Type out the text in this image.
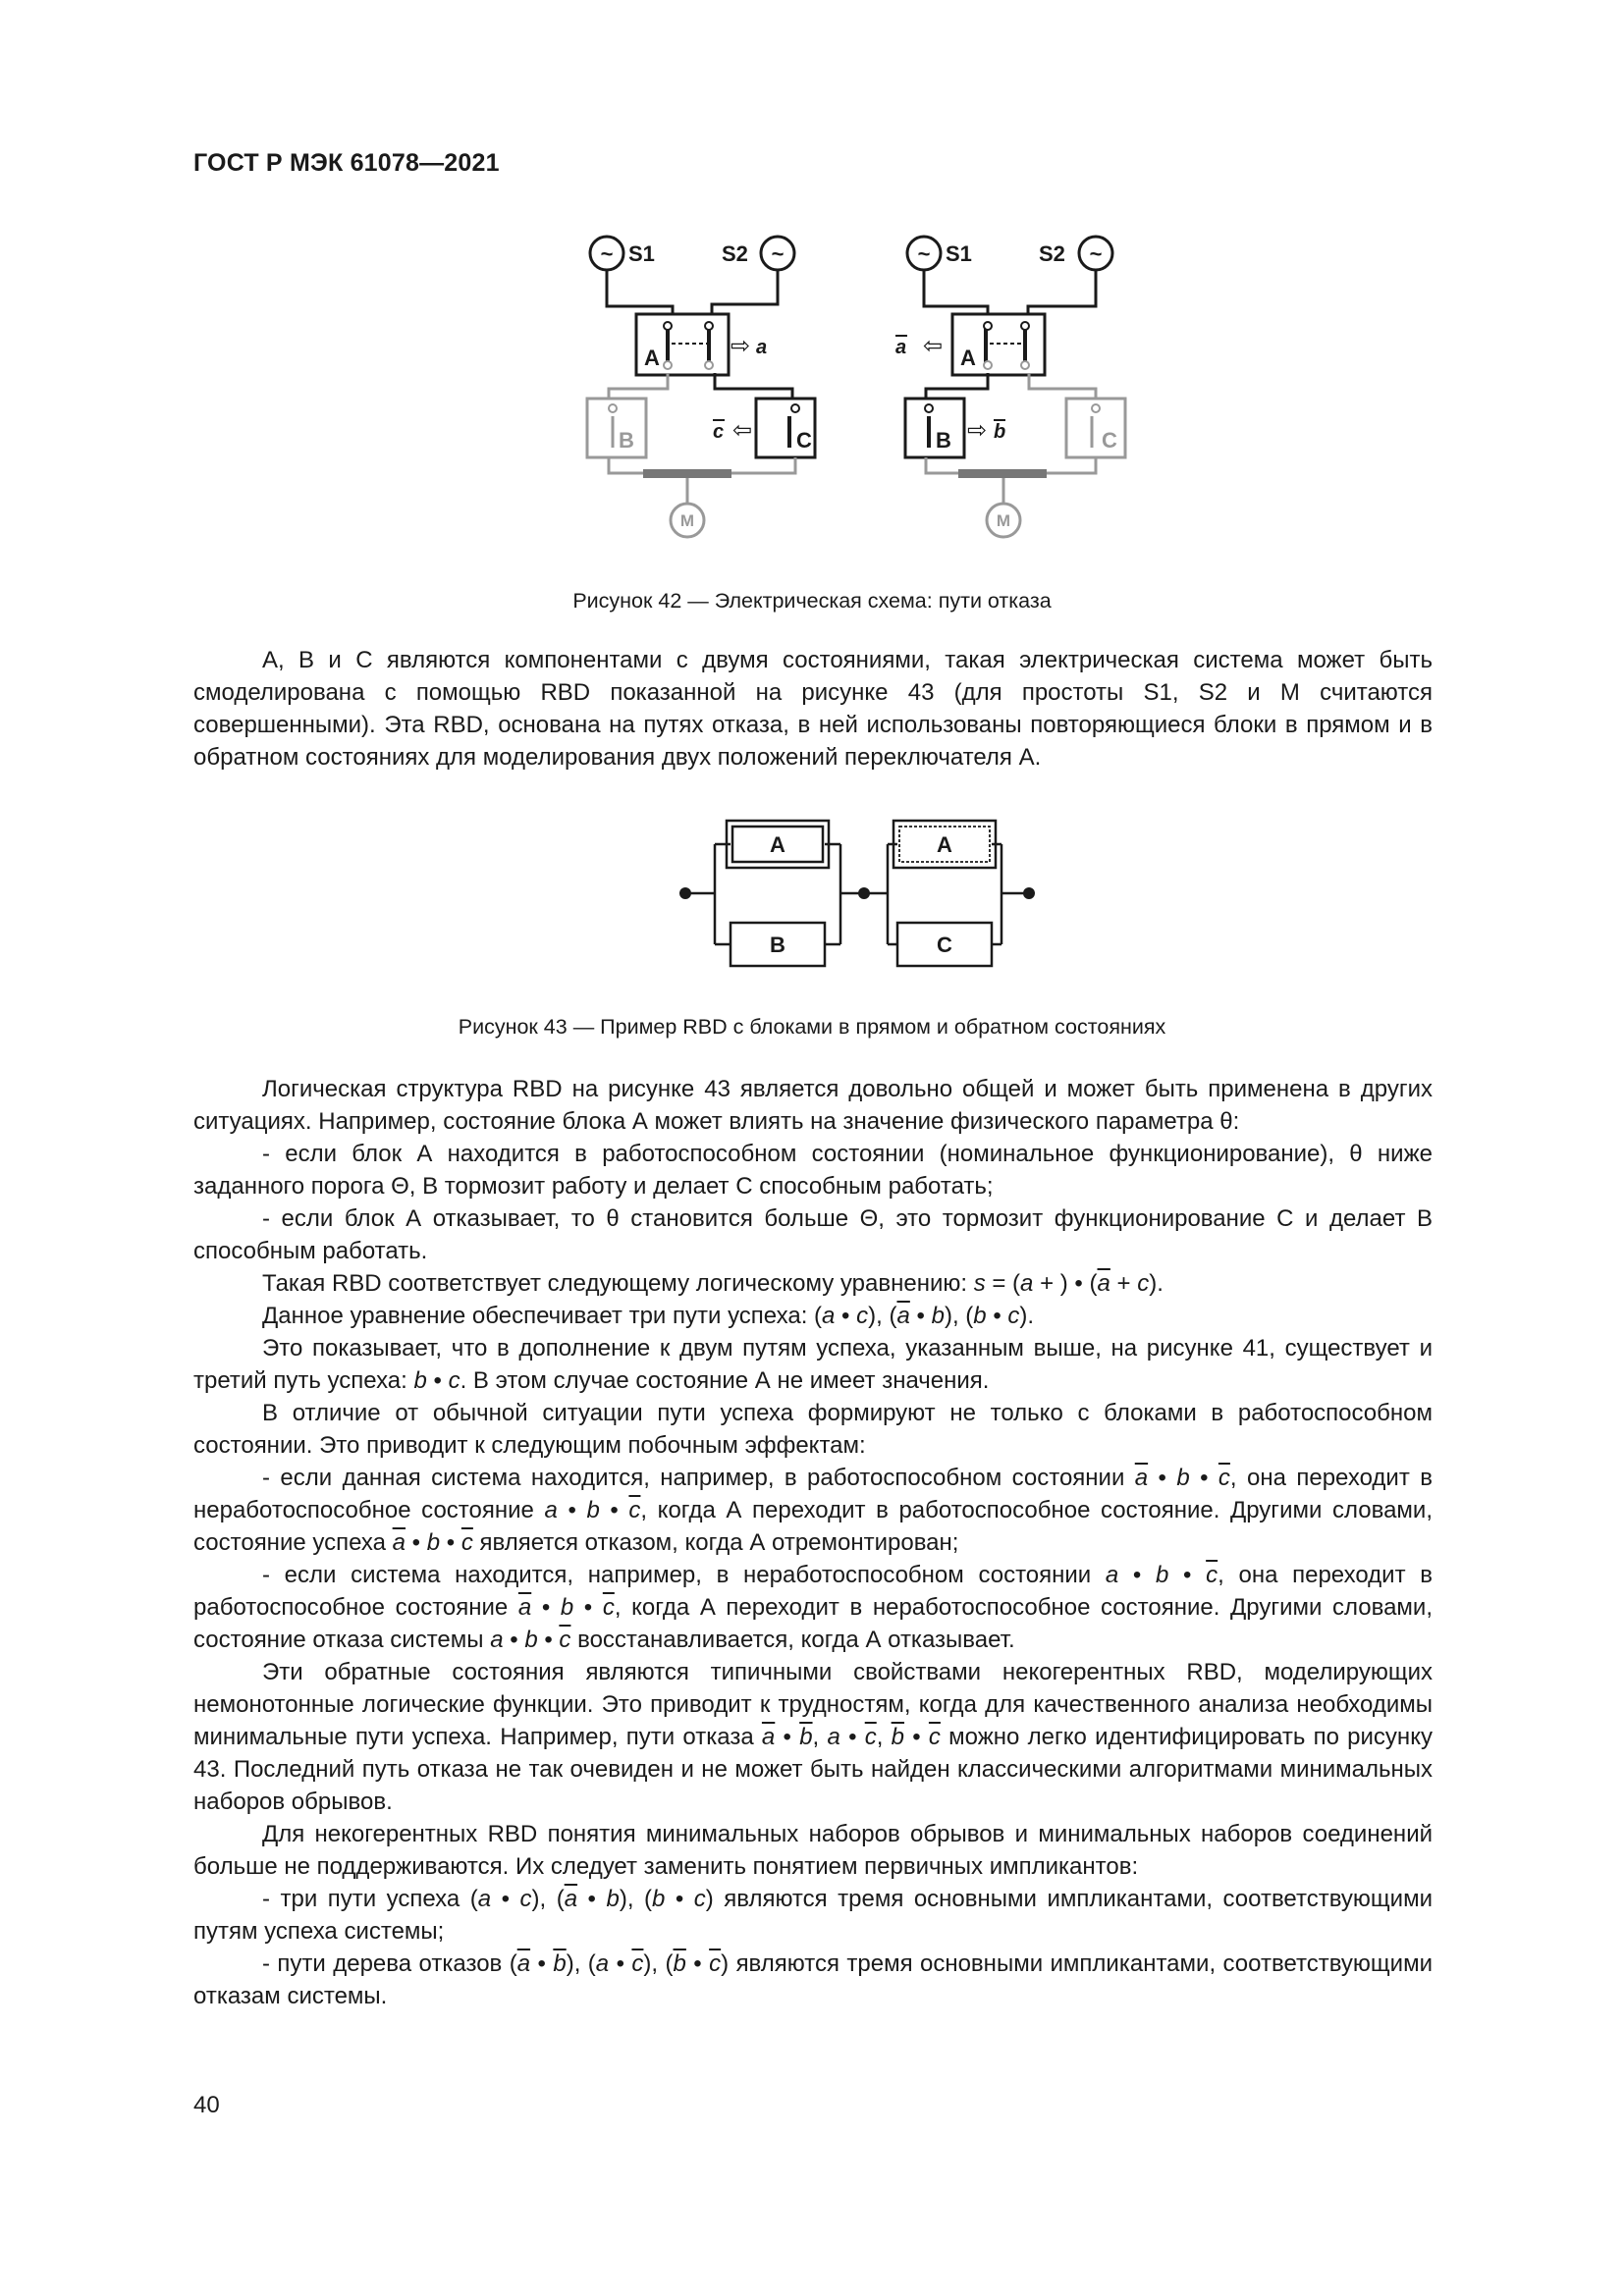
ГОСТ Р МЭК 61078—2021
~	~	~	~
S1	S2	S1	S2
A	A
C	B
B	C
M	M
⇨
⇦
⇦
⇨
a
c
a
b
Рисунок 42 — Электрическая схема: пути отказа

А, В и С являются компонентами с двумя состояниями, такая электрическая система может быть смоделирована с помощью RBD показанной на рисунке 43 (для простоты S1, S2 и М считаются совершенными). Эта RBD, основана на путях отказа, в ней использованы повторяющиеся блоки в прямом и в обратном состояниях для моделирования двух положений переключателя А.

A
B
A
C
Рисунок 43 — Пример RBD с блоками в прямом и обратном состояниях

Логическая структура RBD на рисунке 43 является довольно общей и может быть применена в других ситуациях. Например, состояние блока А может влиять на значение физического параметра θ:

- если блок А находится в работоспособном состоянии (номинальное функционирование), θ ниже заданного порога Θ, В тормозит работу и делает С способным работать;

- если блок А отказывает, то θ становится больше Θ, это тормозит функционирование С и делает В способным работать.

Такая RBD соответствует следующему логическому уравнению: s = (a + ) • $(\overline{a} + c)$.

Данное уравнение обеспечивает три пути успеха: (a • c), ($\overline{a}$ • b), (b • c).

Это показывает, что в дополнение к двум путям успеха, указанным выше, на рисунке 41, существует и третий путь успеха: b • c. В этом случае состояние А не имеет значения.

В отличие от обычной ситуации пути успеха формируют не только с блоками в работоспособном состоянии. Это приводит к следующим побочным эффектам:

- если данная система находится, например, в работоспособном состоянии $\overline{a}$ • b • $\overline{c}$, она переходит в неработоспособное состояние a • b • $\overline{c}$, когда А переходит в работоспособное состояние. Другими словами, состояние успеха $\overline{a}$ • b • $\overline{c}$ является отказом, когда А отремонтирован;

- если система находится, например, в неработоспособном состоянии a • b • $\overline{c}$, она переходит в работоспособное состояние $\overline{a}$ • b • $\overline{c}$, когда А переходит в неработоспособное состояние. Другими словами, состояние отказа системы a • b • $\overline{c}$ восстанавливается, когда А отказывает.

Эти обратные состояния являются типичными свойствами некогерентных RBD, моделирующих немонотонные логические функции. Это приводит к трудностям, когда для качественного анализа необходимы минимальные пути успеха. Например, пути отказа $\overline{a}$ • $\overline{b}$, a • $\overline{c}$, $\overline{b}$ • $\overline{c}$ можно легко идентифицировать по рисунку 43. Последний путь отказа не так очевиден и не может быть найден классическими алгоритмами минимальных наборов обрывов.

Для некогерентных RBD понятия минимальных наборов обрывов и минимальных наборов соединений больше не поддерживаются. Их следует заменить понятием первичных импликантов:

- три пути успеха (a • c), ($\overline{a}$ • b), (b • c) являются тремя основными импликантами, соответствующими путям успеха системы;

- пути дерева отказов ($\overline{a}$ • $\overline{b}$), (a • $\overline{c}$), ($\overline{b}$ • $\overline{c}$) являются тремя основными импликантами, соответствующими отказам системы.

40
